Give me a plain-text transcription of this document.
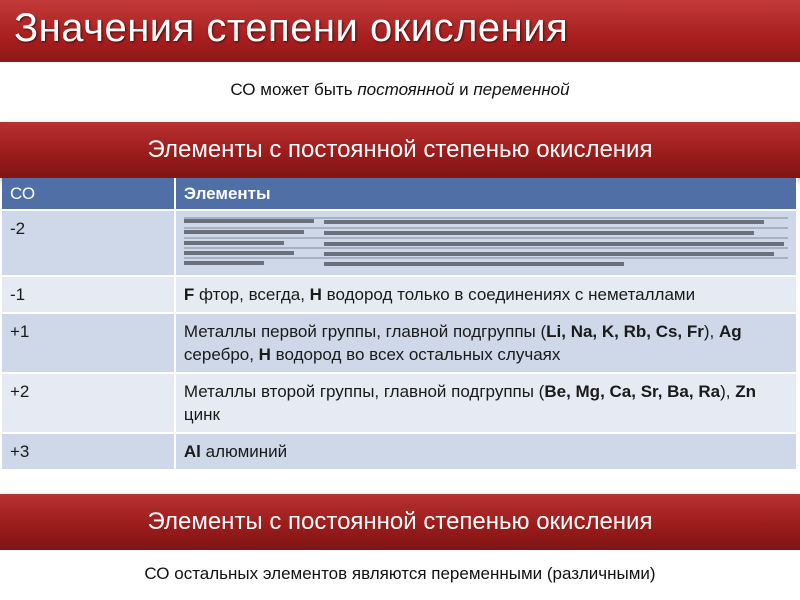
Значения степени окисления
СО может быть постоянной и переменной
Элементы с постоянной степенью окисления
СО	Элементы
-2	

-1	F фтор, всегда, H водород только в соединениях с неметаллами
+1	Металлы первой группы, главной подгруппы (Li, Na, K, Rb, Cs, Fr), Ag серебро, H водород во всех остальных случаях
+2	Металлы второй группы, главной подгруппы (Be, Mg, Ca, Sr, Ba, Ra), Zn цинк
+3	Al алюминий
Элементы с постоянной степенью окисления
СО остальных элементов являются переменными (различными)
